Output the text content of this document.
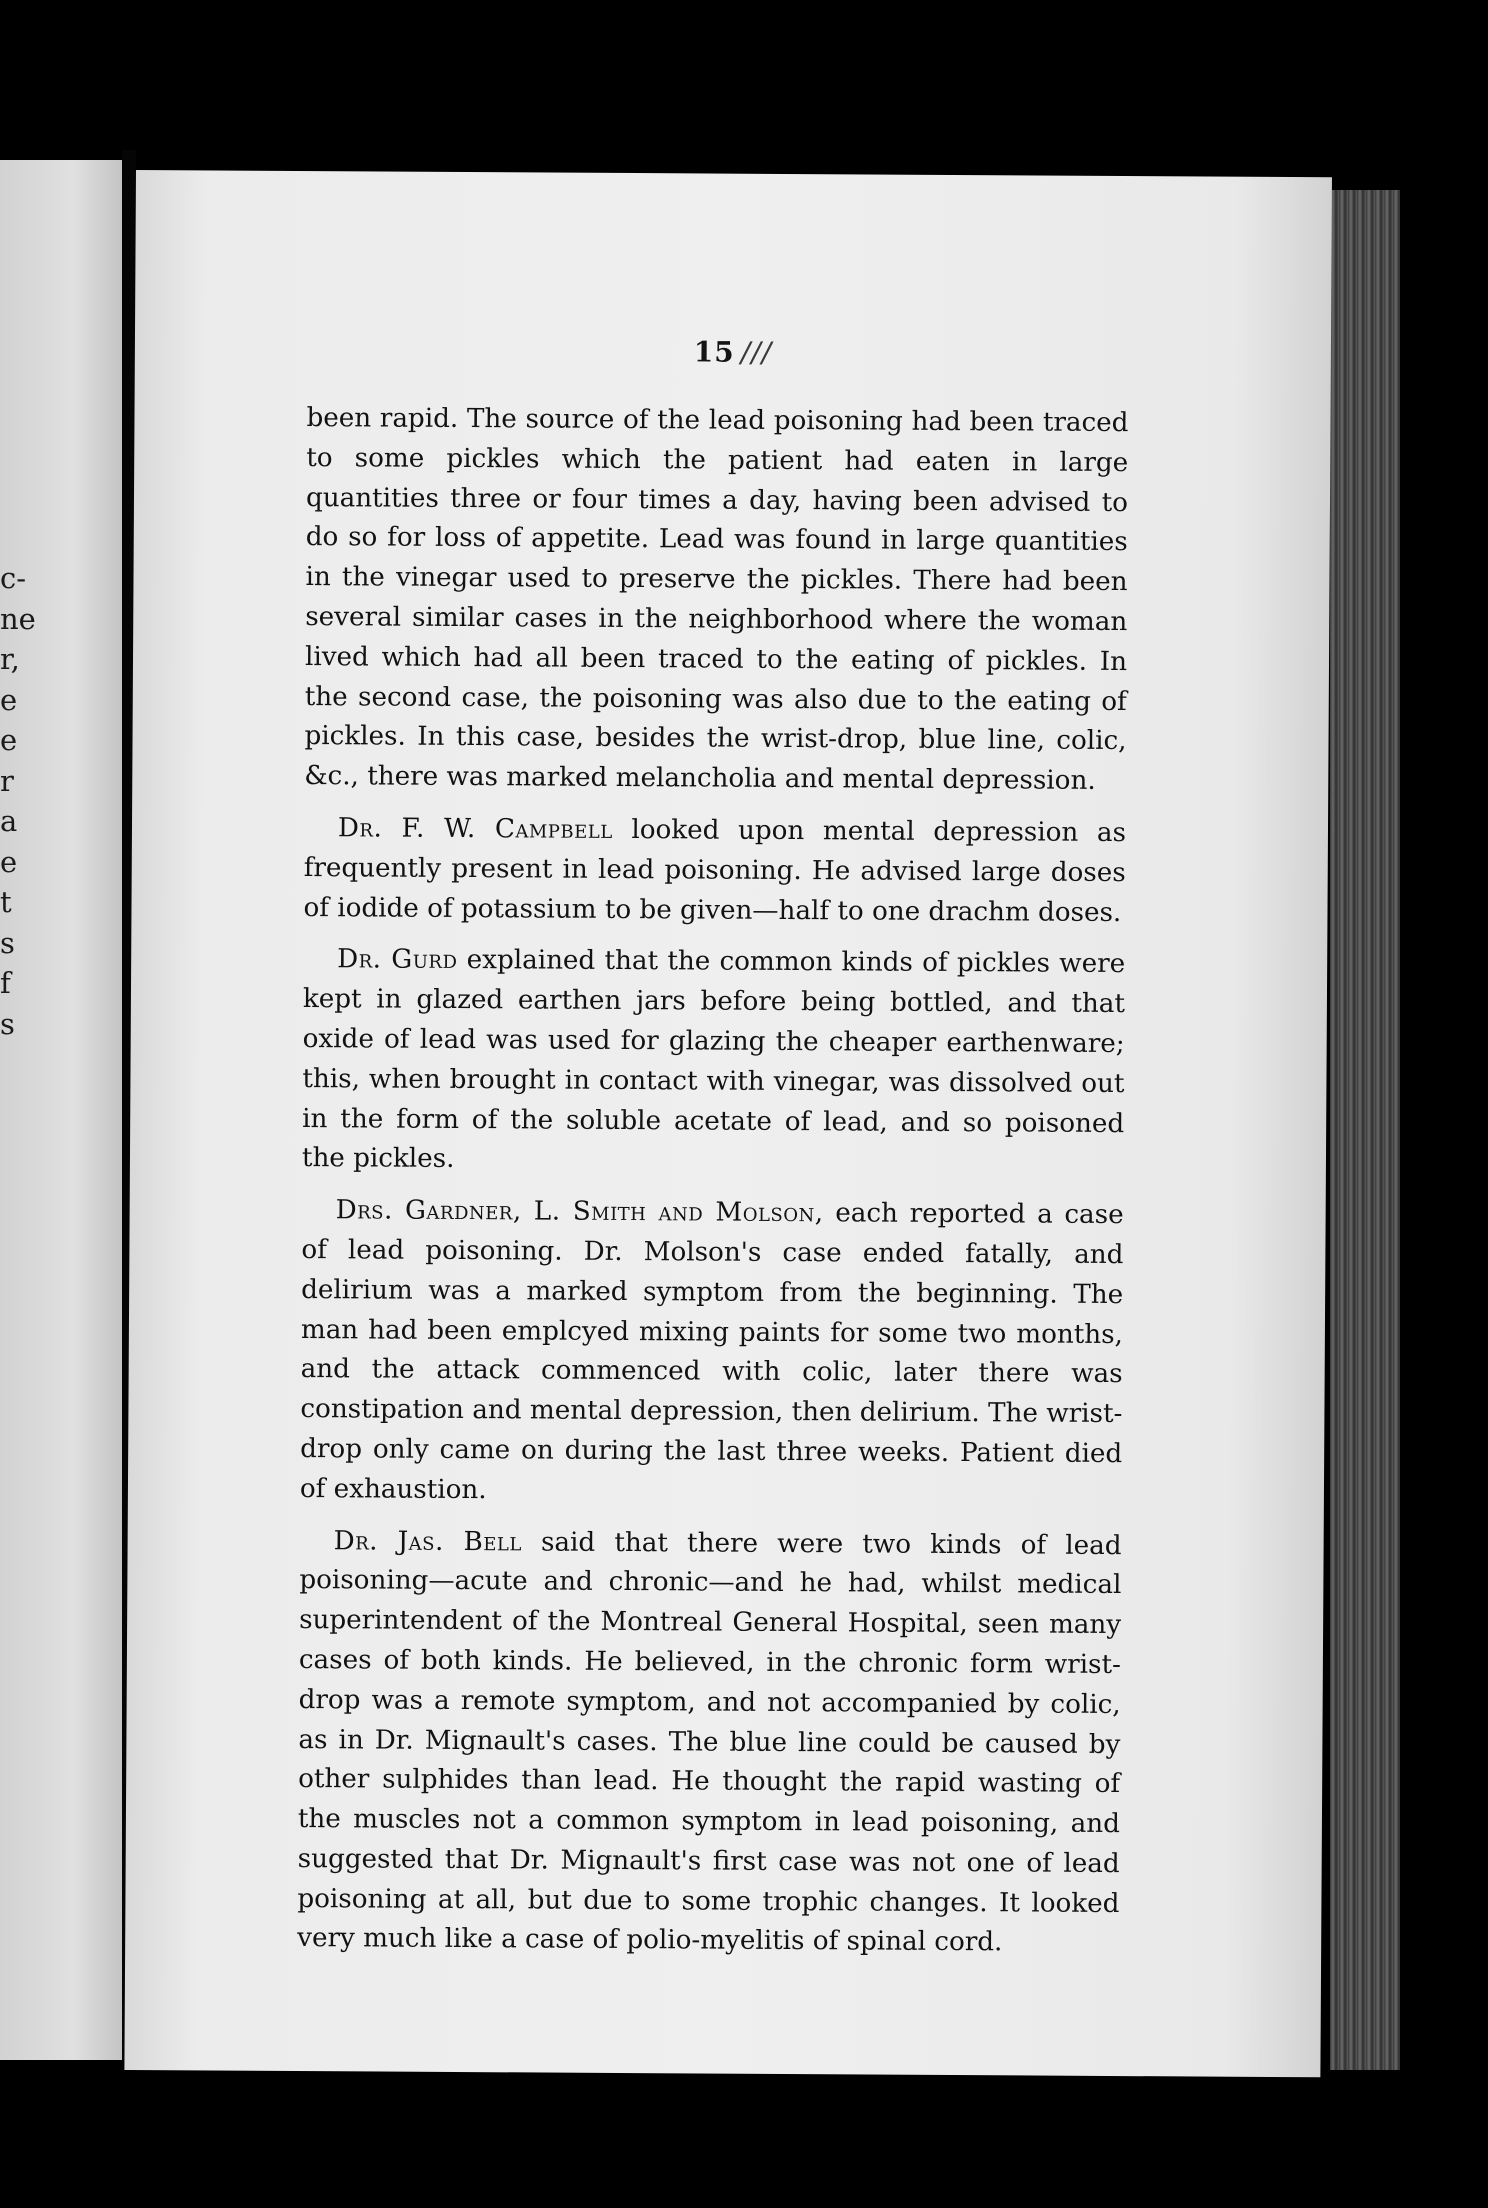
c-
ne
r,
e
e
r
a
e
t
s
f
s
15 ///

been rapid. The source of the lead poisoning had been traced to some pickles which the patient had eaten in large quantities three or four times a day, having been advised to do so for loss of appetite. Lead was found in large quantities in the vinegar used to preserve the pickles. There had been several similar cases in the neighborhood where the woman lived which had all been traced to the eating of pickles. In the second case, the poisoning was also due to the eating of pickles. In this case, besides the wrist-drop, blue line, colic, &c., there was marked melancholia and mental depression.

Dr. F. W. Campbell looked upon mental depression as frequently present in lead poisoning. He advised large doses of iodide of potassium to be given—half to one drachm doses.

Dr. Gurd explained that the common kinds of pickles were kept in glazed earthen jars before being bottled, and that oxide of lead was used for glazing the cheaper earthenware; this, when brought in contact with vinegar, was dissolved out in the form of the soluble acetate of lead, and so poisoned the pickles.

Drs. Gardner, L. Smith and Molson, each reported a case of lead poisoning. Dr. Molson's case ended fatally, and delirium was a marked symptom from the beginning. The man had been emplcyed mixing paints for some two months, and the attack commenced with colic, later there was constipation and mental depression, then delirium. The wrist-drop only came on during the last three weeks. Patient died of exhaustion.

Dr. Jas. Bell said that there were two kinds of lead poisoning—acute and chronic—and he had, whilst medical superintendent of the Montreal General Hospital, seen many cases of both kinds. He believed, in the chronic form wrist-drop was a remote symptom, and not accompanied by colic, as in Dr. Mignault's cases. The blue line could be caused by other sulphides than lead. He thought the rapid wasting of the muscles not a common symptom in lead poisoning, and suggested that Dr. Mignault's first case was not one of lead poisoning at all, but due to some trophic changes. It looked very much like a case of polio-myelitis of spinal cord.
